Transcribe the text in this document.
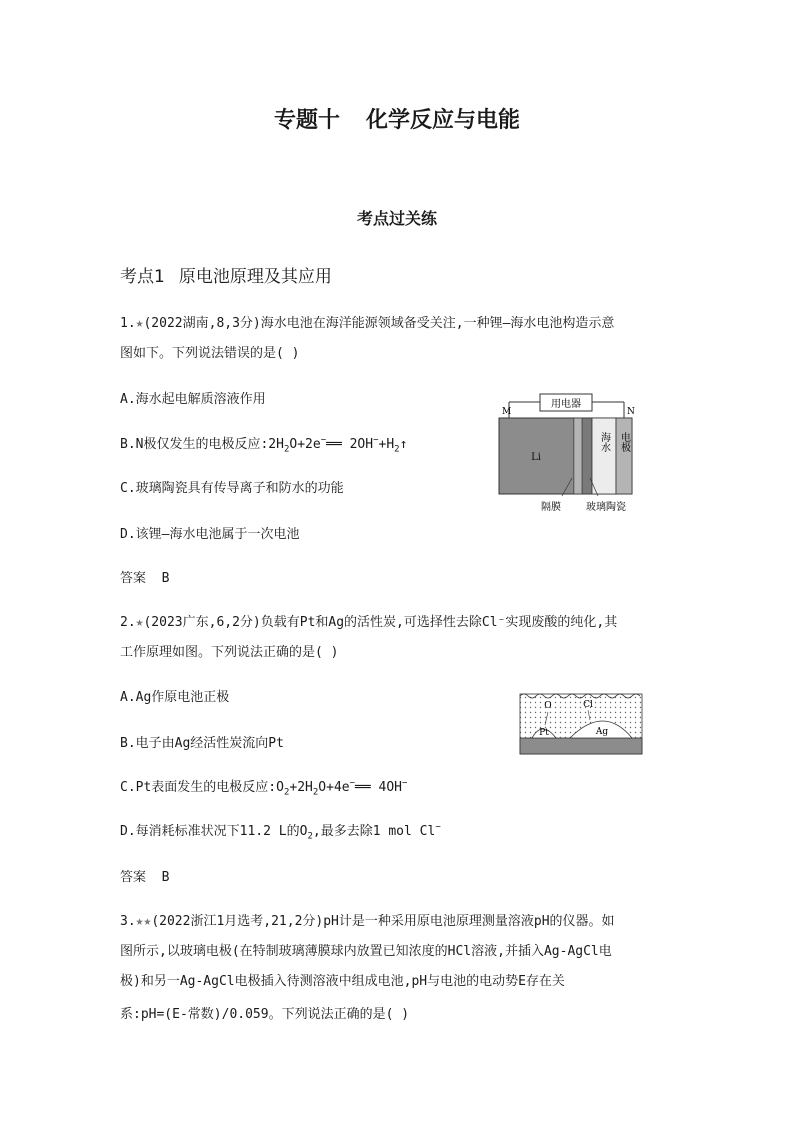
专题十 化学反应与电能
考点过关练
考点1 原电池原理及其应用
1.★(2022湖南,8,3分)海水电池在海洋能源领域备受关注,一种锂—海水电池构造示意
图如下。下列说法错误的是( )
A.海水起电解质溶液作用
B.N极仅发生的电极反应$:2H_2O+2e^-══$ $2OH^-+H_2↑$
C.玻璃陶瓷具有传导离子和防水的功能
D.该锂—海水电池属于一次电池
答案 B
用电器
M	N
Li
海水 电极
隔膜	玻璃陶瓷
2.★(2023广东,6,2分)负载有Pt和Ag的活性炭,可选择性去除Cl⁻实现废酸的纯化,其
工作原理如图。下列说法正确的是( )
A.Ag作原电池正极
B.电子由Ag经活性炭流向Pt
C.Pt表面发生的电极反应$:O_2+2H_2O+4e^-══$ 4OH−
D.每消耗标准状况下11.2 L的$O_2$,最多去除1 mol Cl−
答案 B
O	Cl
Pt	Ag
3.★★(2022浙江1月选考,21,2分)pH计是一种采用原电池原理测量溶液pH的仪器。如
图所示,以玻璃电极(在特制玻璃薄膜球内放置已知浓度的HCl溶液,并插入Ag-AgCl电
极)和另一Ag-AgCl电极插入待测溶液中组成电池,pH与电池的电动势E存在关
系:pH=(E-常数)/0.059。下列说法正确的是( )
